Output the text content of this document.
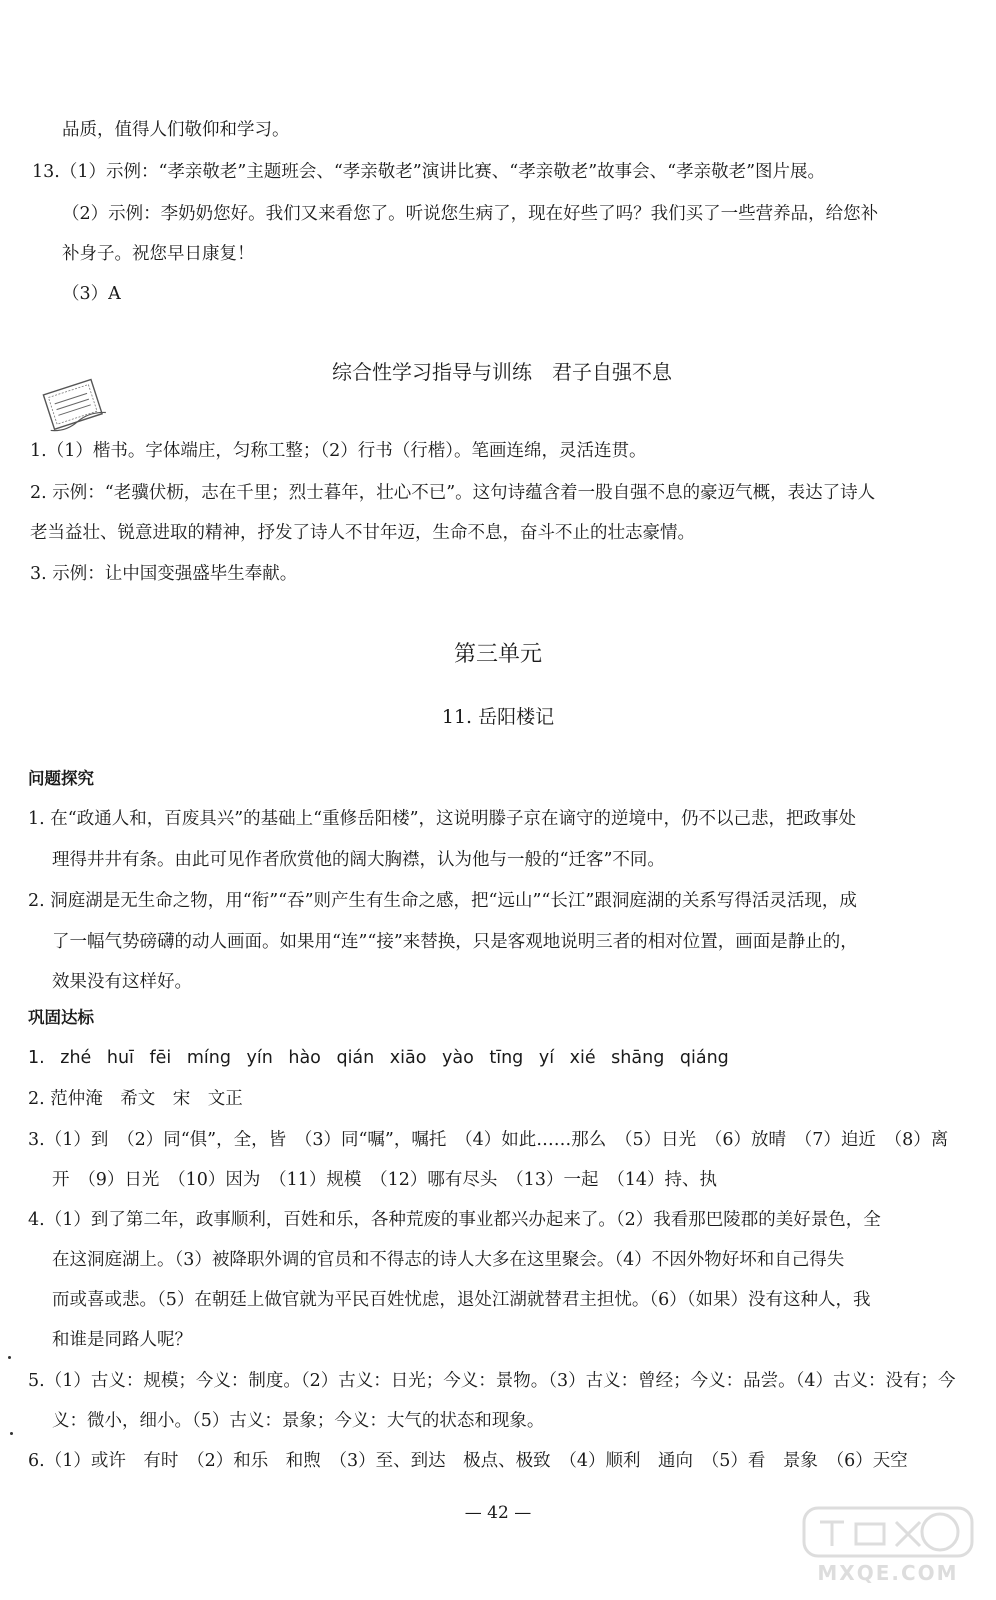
品质，值得人们敬仰和学习。
13.（1）示例：“孝亲敬老”主题班会、“孝亲敬老”演讲比赛、“孝亲敬老”故事会、“孝亲敬老”图片展。
（2）示例：李奶奶您好。我们又来看您了。听说您生病了，现在好些了吗？我们买了一些营养品，给您补
补身子。祝您早日康复！
（3）A
综合性学习指导与训练　君子自强不息
1.（1）楷书。字体端庄，匀称工整；（2）行书（行楷）。笔画连绵，灵活连贯。
2. 示例：“老骥伏枥，志在千里；烈士暮年，壮心不已”。这句诗蕴含着一股自强不息的豪迈气概，表达了诗人
老当益壮、锐意进取的精神，抒发了诗人不甘年迈，生命不息，奋斗不止的壮志豪情。
3. 示例：让中国变强盛毕生奉献。
第三单元
11. 岳阳楼记
问题探究
1. 在“政通人和，百废具兴”的基础上“重修岳阳楼”，这说明滕子京在谪守的逆境中，仍不以己悲，把政事处
理得井井有条。由此可见作者欣赏他的阔大胸襟，认为他与一般的“迁客”不同。
2. 洞庭湖是无生命之物，用“衔”“吞”则产生有生命之感，把“远山”“长江”跟洞庭湖的关系写得活灵活现，成
了一幅气势磅礴的动人画面。如果用“连”“接”来替换，只是客观地说明三者的相对位置，画面是静止的，
效果没有这样好。
巩固达标
1. zhé huī fēi míng yín hào qián xiāo yào tīng yí xié shāng qiáng
2. 范仲淹　希文　宋　文正
3.（1）到　（2）同“俱”，全，皆　（3）同“嘱”，嘱托　（4）如此……那么　（5）日光　（6）放晴　（7）迫近　（8）离
开　（9）日光　（10）因为　（11）规模　（12）哪有尽头　（13）一起　（14）持、执
4.（1）到了第二年，政事顺利，百姓和乐，各种荒废的事业都兴办起来了。（2）我看那巴陵郡的美好景色，全
在这洞庭湖上。（3）被降职外调的官员和不得志的诗人大多在这里聚会。（4）不因外物好坏和自己得失
而或喜或悲。（5）在朝廷上做官就为平民百姓忧虑，退处江湖就替君主担忧。（6）（如果）没有这种人，我
和谁是同路人呢？
5.（1）古义：规模；今义：制度。（2）古义：日光；今义：景物。（3）古义：曾经；今义：品尝。（4）古义：没有；今
义：微小，细小。（5）古义：景象；今义：大气的状态和现象。
6.（1）或许　有时　（2）和乐　和煦　（3）至、到达　极点、极致　（4）顺利　通向　（5）看　景象　（6）天空
— 42 —
MXQE.COM
